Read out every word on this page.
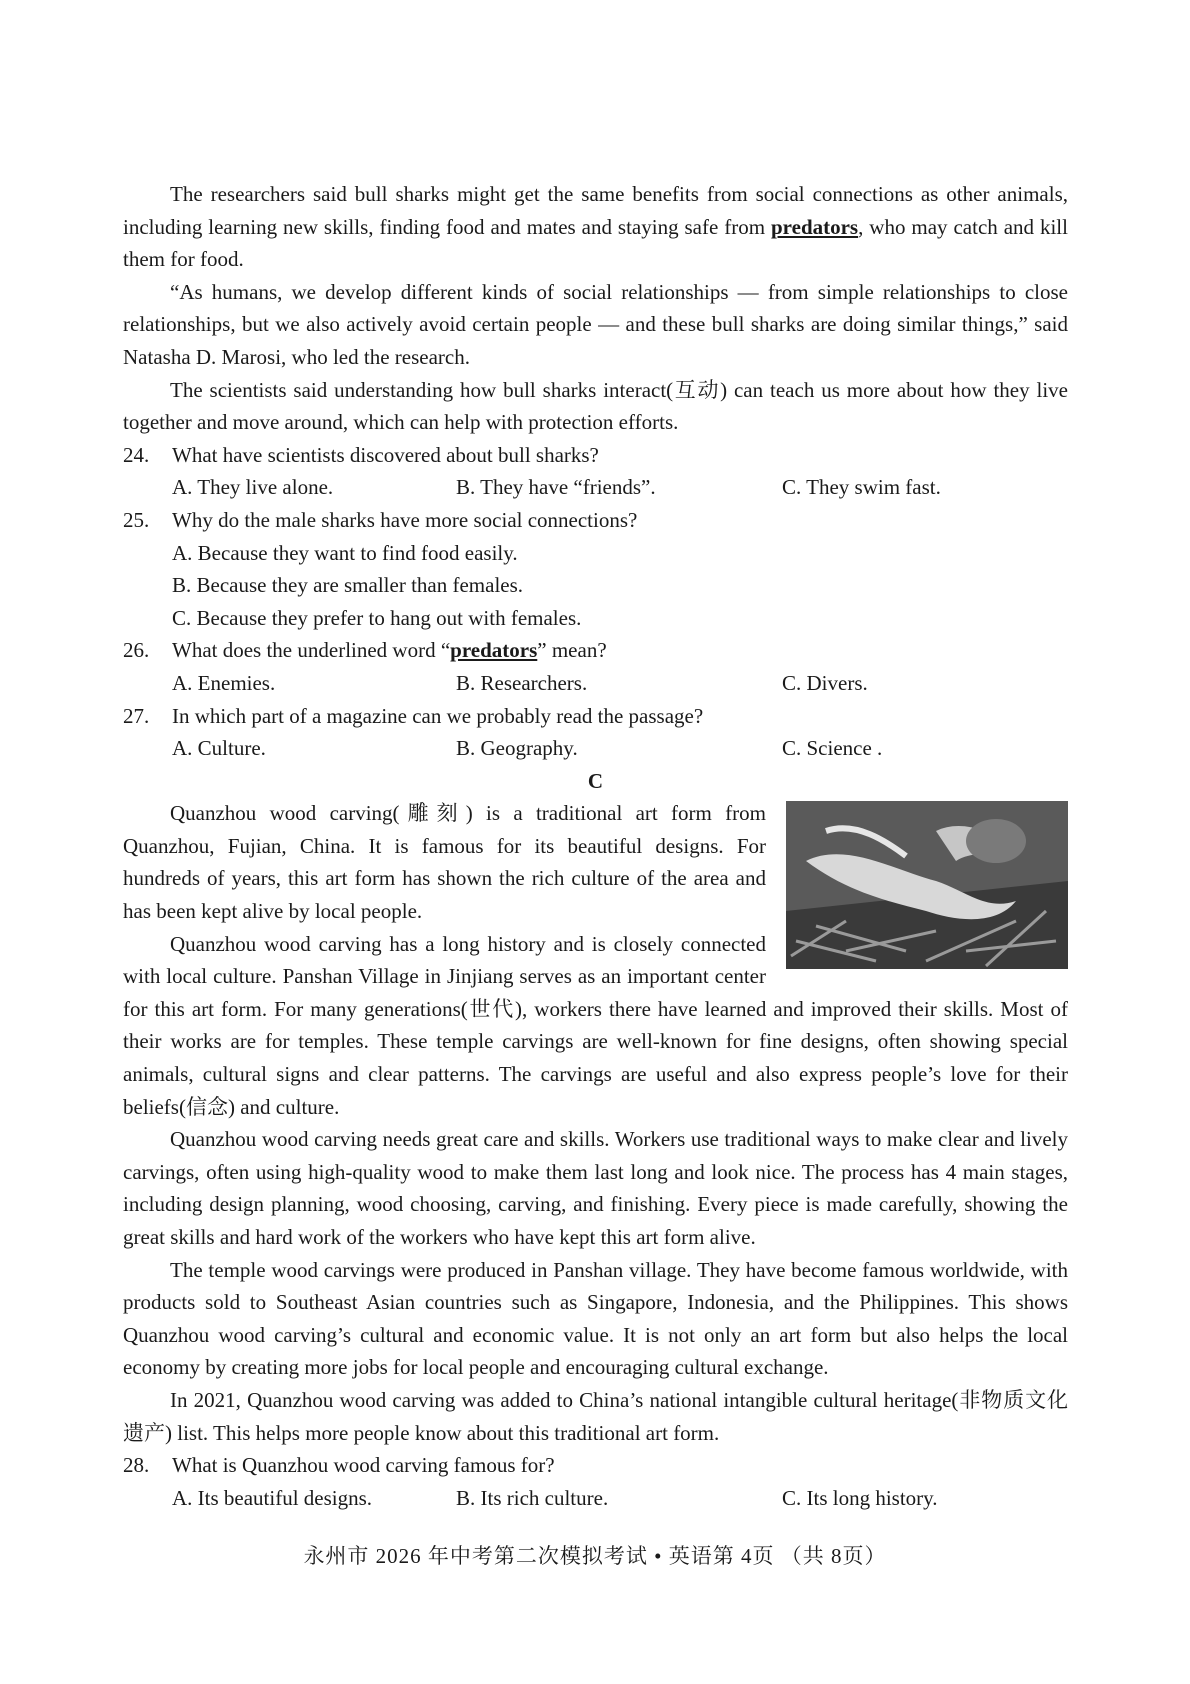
The researchers said bull sharks might get the same benefits from social connections as other animals, including learning new skills, finding food and mates and staying safe from predators, who may catch and kill them for food.

“As humans, we develop different kinds of social relationships — from simple relationships to close relationships, but we also actively avoid certain people — and these bull sharks are doing similar things,” said Natasha D. Marosi, who led the research.

The scientists said understanding how bull sharks interact(互动) can teach us more about how they live together and move around, which can help with protection efforts.

24.	What have scientists discovered about bull sharks?
A. They live alone.	B. They have “friends”.	C. They swim fast.
25.	Why do the male sharks have more social connections?
A. Because they want to find food easily.
B. Because they are smaller than females.
C. Because they prefer to hang out with females.
26.	What does the underlined word “predators” mean?
A. Enemies.	B. Researchers.	C. Divers.
27.	In which part of a magazine can we probably read the passage?
A. Culture.	B. Geography.	C. Science .
C

Quanzhou wood carving(雕刻) is a traditional art form from Quanzhou, Fujian, China. It is famous for its beautiful designs. For hundreds of years, this art form has shown the rich culture of the area and has been kept alive by local people.

Quanzhou wood carving has a long history and is closely connected with local culture. Panshan Village in Jinjiang serves as an important center for this art form. For many generations(世代), workers there have learned and improved their skills. Most of their works are for temples. These temple carvings are well-known for fine designs, often showing special animals, cultural signs and clear patterns. The carvings are useful and also express people’s love for their beliefs(信念) and culture.

Quanzhou wood carving needs great care and skills. Workers use traditional ways to make clear and lively carvings, often using high-quality wood to make them last long and look nice. The process has 4 main stages, including design planning, wood choosing, carving, and finishing. Every piece is made carefully, showing the great skills and hard work of the workers who have kept this art form alive.

The temple wood carvings were produced in Panshan village. They have become famous worldwide, with products sold to Southeast Asian countries such as Singapore, Indonesia, and the Philippines. This shows Quanzhou wood carving’s cultural and economic value. It is not only an art form but also helps the local economy by creating more jobs for local people and encouraging cultural exchange.

In 2021, Quanzhou wood carving was added to China’s national intangible cultural heritage(非物质文化遗产) list. This helps more people know about this traditional art form.

28.	What is Quanzhou wood carving famous for?
A. Its beautiful designs.	B. Its rich culture.	C. Its long history.
永州市 2026 年中考第二次模拟考试 • 英语第 4页 （共 8页）
